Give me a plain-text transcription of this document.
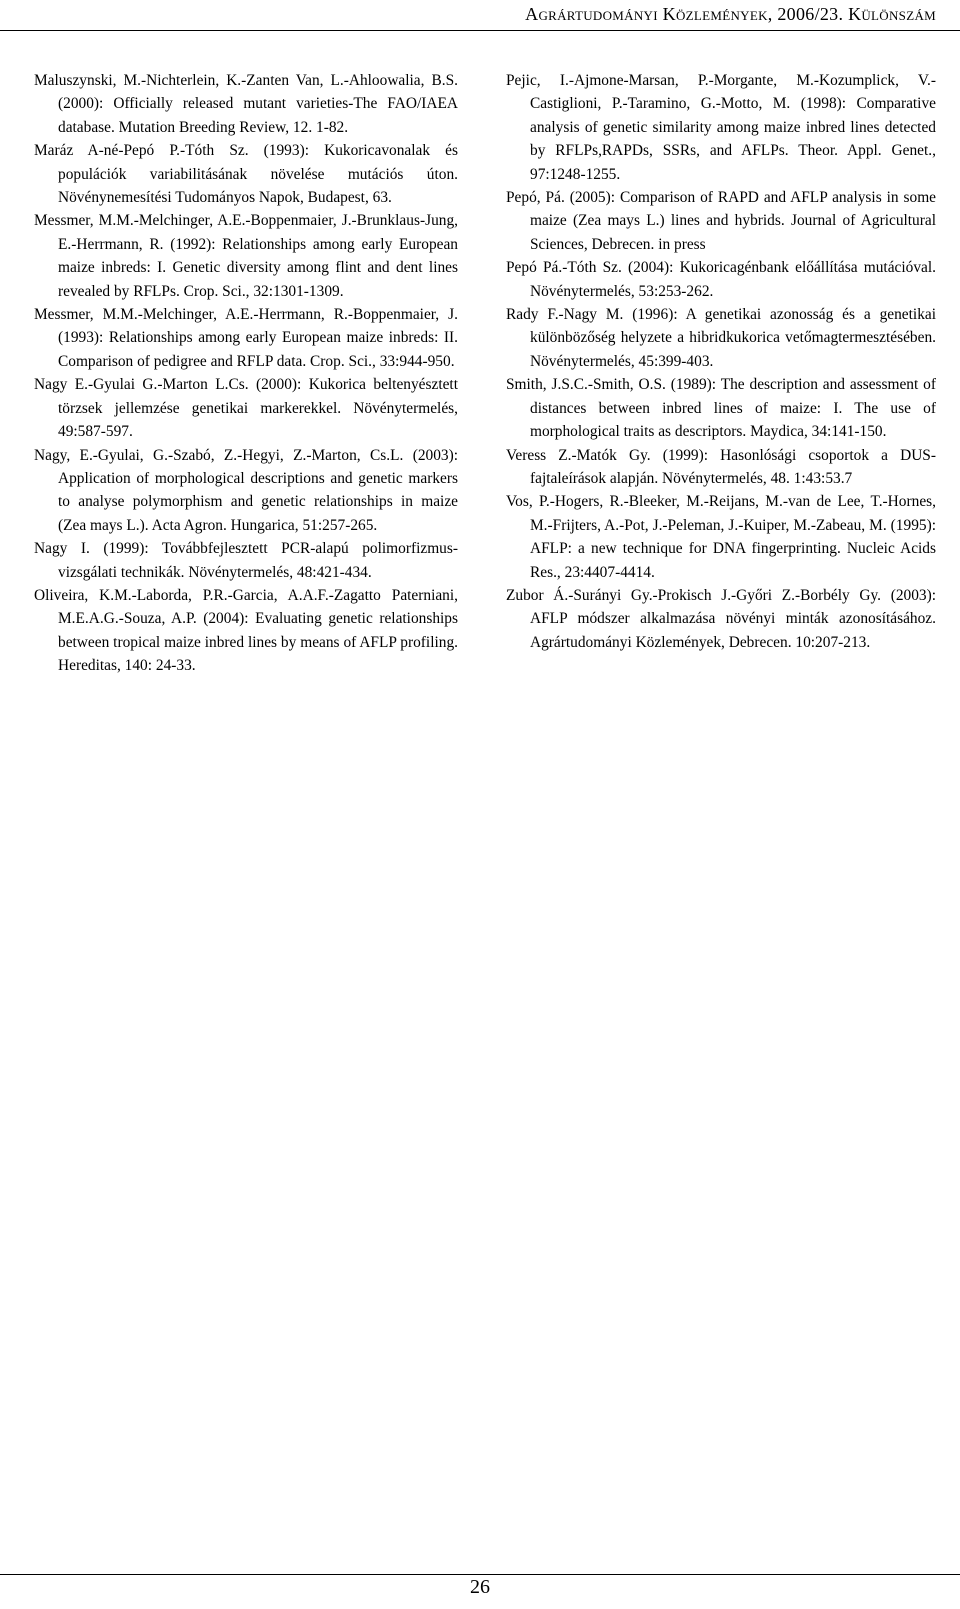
Agrártudományi Közlemények, 2006/23. Különszám

Maluszynski, M.-Nichterlein, K.-Zanten Van, L.-Ahloowalia, B.S. (2000): Officially released mutant varieties-The FAO/IAEA database. Mutation Breeding Review, 12. 1-82.

Maráz A-né-Pepó P.-Tóth Sz. (1993): Kukoricavonalak és populációk variabilitásának növelése mutációs úton. Növénynemesítési Tudományos Napok, Budapest, 63.

Messmer, M.M.-Melchinger, A.E.-Boppenmaier, J.-Brunklaus-Jung, E.-Herrmann, R. (1992): Relationships among early European maize inbreds: I. Genetic diversity among flint and dent lines revealed by RFLPs. Crop. Sci., 32:1301-1309.

Messmer, M.M.-Melchinger, A.E.-Herrmann, R.-Boppenmaier, J. (1993): Relationships among early European maize inbreds: II. Comparison of pedigree and RFLP data. Crop. Sci., 33:944-950.

Nagy E.-Gyulai G.-Marton L.Cs. (2000): Kukorica beltenyésztett törzsek jellemzése genetikai markerekkel. Növénytermelés, 49:587-597.

Nagy, E.-Gyulai, G.-Szabó, Z.-Hegyi, Z.-Marton, Cs.L. (2003): Application of morphological descriptions and genetic markers to analyse polymorphism and genetic relationships in maize (Zea mays L.). Acta Agron. Hungarica, 51:257-265.

Nagy I. (1999): Továbbfejlesztett PCR-alapú polimorfizmus-vizsgálati technikák. Növénytermelés, 48:421-434.

Oliveira, K.M.-Laborda, P.R.-Garcia, A.A.F.-Zagatto Paterniani, M.E.A.G.-Souza, A.P. (2004): Evaluating genetic relationships between tropical maize inbred lines by means of AFLP profiling. Hereditas, 140: 24-33.

Pejic, I.-Ajmone-Marsan, P.-Morgante, M.-Kozumplick, V.-Castiglioni, P.-Taramino, G.-Motto, M. (1998): Comparative analysis of genetic similarity among maize inbred lines detected by RFLPs,RAPDs, SSRs, and AFLPs. Theor. Appl. Genet., 97:1248-1255.

Pepó, Pá. (2005): Comparison of RAPD and AFLP analysis in some maize (Zea mays L.) lines and hybrids. Journal of Agricultural Sciences, Debrecen. in press

Pepó Pá.-Tóth Sz. (2004): Kukoricagénbank előállítása mutációval. Növénytermelés, 53:253-262.

Rady F.-Nagy M. (1996): A genetikai azonosság és a genetikai különbözőség helyzete a hibridkukorica vetőmagtermesztésében. Növénytermelés, 45:399-403.

Smith, J.S.C.-Smith, O.S. (1989): The description and assessment of distances between inbred lines of maize: I. The use of morphological traits as descriptors. Maydica, 34:141-150.

Veress Z.-Matók Gy. (1999): Hasonlósági csoportok a DUS-fajtaleírások alapján. Növénytermelés, 48. 1:43:53.7

Vos, P.-Hogers, R.-Bleeker, M.-Reijans, M.-van de Lee, T.-Hornes, M.-Frijters, A.-Pot, J.-Peleman, J.-Kuiper, M.-Zabeau, M. (1995): AFLP: a new technique for DNA fingerprinting. Nucleic Acids Res., 23:4407-4414.

Zubor Á.-Surányi Gy.-Prokisch J.-Győri Z.-Borbély Gy. (2003): AFLP módszer alkalmazása növényi minták azonosításához. Agrártudományi Közlemények, Debrecen. 10:207-213.

26
